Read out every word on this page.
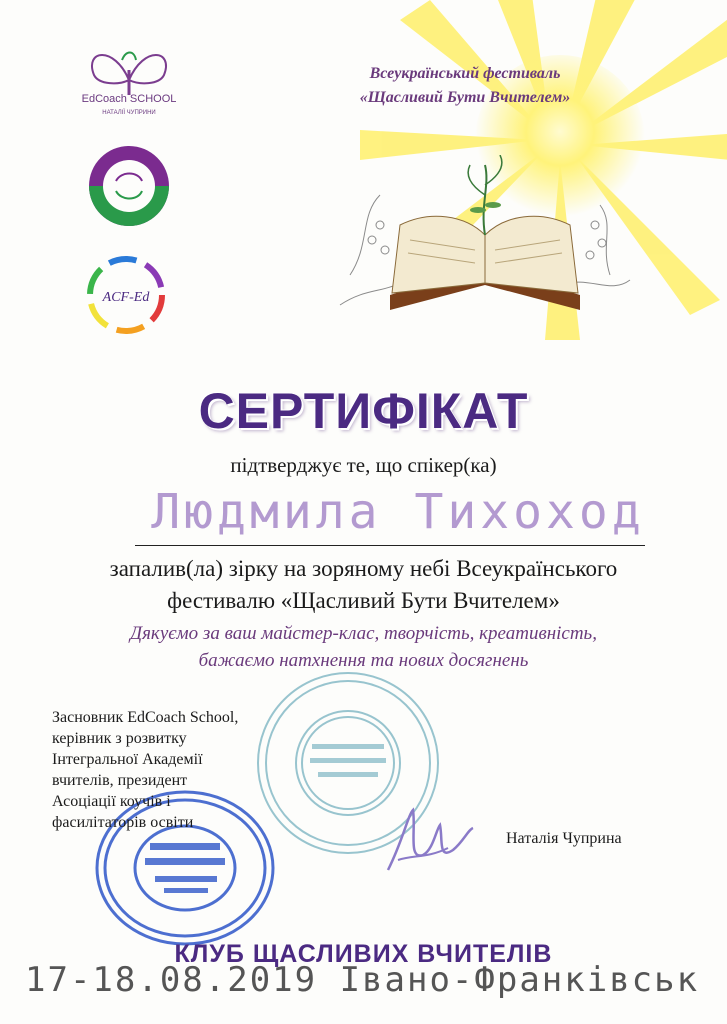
EdCoach SCHOOL
НАТАЛІЇ ЧУПРИНИ
ACF-Ed
Всеукраїнський фестиваль
«Щасливий Бути Вчителем»
СЕРТИФІКАТ
підтверджує те, що спікер(ка)
Людмила Тихоход
запалив(ла) зірку на зоряному небі Всеукраїнського
фестивалю «Щасливий Бути Вчителем»
Дякуємо за ваш майстер-клас, творчість, креативність,
бажаємо натхнення та нових досягнень
Засновник EdCoach School,
керівник з розвитку
Інтегральної Академії
вчителів, президент
Асоціації коучів і
фасилітаторів освіти
Наталія Чуприна
КЛУБ ЩАСЛИВИХ ВЧИТЕЛІВ
17-18.08.2019 Івано-Франківськ
